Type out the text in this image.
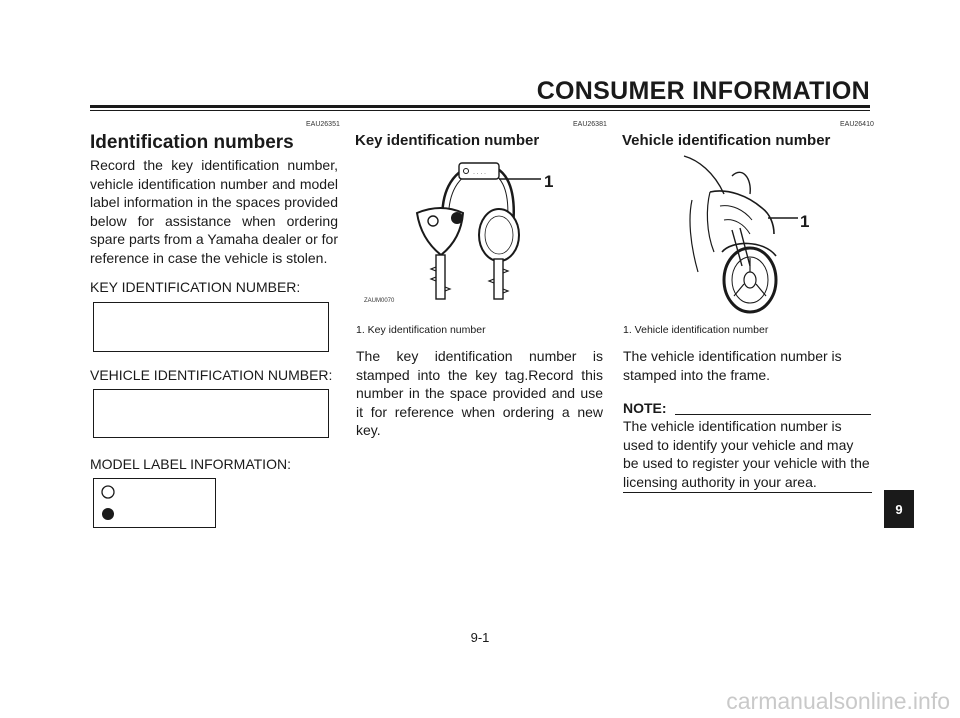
CONSUMER INFORMATION
EAU26351
Identification numbers
Record the key identification number, vehicle identification number and model label information in the spaces provided below for assistance when ordering spare parts from a Yamaha dealer or for reference in case the vehicle is stolen.
KEY IDENTIFICATION NUMBER:
VEHICLE IDENTIFICATION NUMBER:
MODEL LABEL INFORMATION:
EAU26381
Key identification number
· · · ·	1
ZAUM0070
1. Key identification number
The key identification number is stamped into the key tag.Record this number in the space provided and use it for reference when ordering a new key.
EAU26410
Vehicle identification number
1
1. Vehicle identification number
The vehicle identification number is stamped into the frame.
NOTE:
The vehicle identification number is used to identify your vehicle and may be used to register your vehicle with the licensing authority in your area.
9
9-1
carmanualsonline.info
